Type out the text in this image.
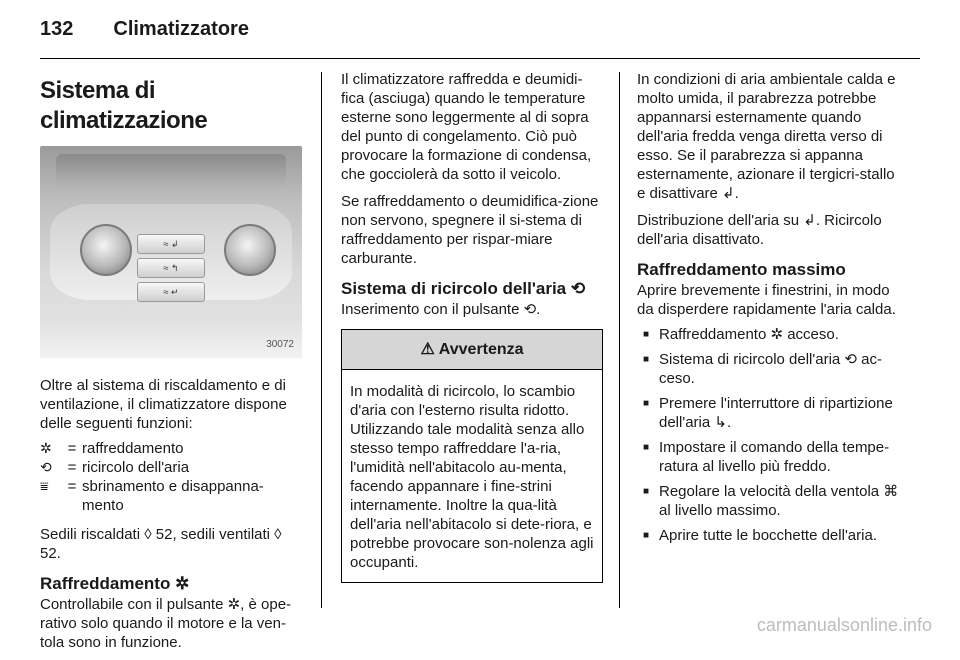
132 Climatizzatore
Sistema di climatizzazione
≈ ↲
≈ ↰
≈ ↵
30072

Oltre al sistema di riscaldamento e di ventilazione, il climatizzatore dispone delle seguenti funzioni:

✲	= raffreddamento
⟲	= ricircolo dell'aria
⩸	= sbrinamento e disappanna-mento

Sedili riscaldati ◊ 52, sedili ventilati ◊ 52.

Raffreddamento ✲

Controllabile con il pulsante ✲, è ope-rativo solo quando il motore e la ven-tola sono in funzione.

Il climatizzatore raffredda e deumidi-fica (asciuga) quando le temperature esterne sono leggermente al di sopra del punto di congelamento. Ciò può provocare la formazione di condensa, che gocciolerà da sotto il veicolo.

Se raffreddamento o deumidifica-zione non servono, spegnere il si-stema di raffreddamento per rispar-miare carburante.

Sistema di ricircolo dell'aria ⟲

Inserimento con il pulsante ⟲.

⚠ Avvertenza
In modalità di ricircolo, lo scambio d'aria con l'esterno risulta ridotto. Utilizzando tale modalità senza allo stesso tempo raffreddare l'a-ria, l'umidità nell'abitacolo au-menta, facendo appannare i fine-strini internamente. Inoltre la qua-lità dell'aria nell'abitacolo si dete-riora, e potrebbe provocare son-nolenza agli occupanti.

In condizioni di aria ambientale calda e molto umida, il parabrezza potrebbe appannarsi esternamente quando dell'aria fredda venga diretta verso di esso. Se il parabrezza si appanna esternamente, azionare il tergicri-stallo e disattivare ↲.

Distribuzione dell'aria su ↲. Ricircolo dell'aria disattivato.

Raffreddamento massimo

Aprire brevemente i finestrini, in modo da disperdere rapidamente l'aria calda.

■ Raffreddamento ✲ acceso.
■ Sistema di ricircolo dell'aria ⟲ ac-ceso.
■ Premere l'interruttore di ripartizione dell'aria ↳.
■ Impostare il comando della tempe-ratura al livello più freddo.
■ Regolare la velocità della ventola ⌘ al livello massimo.
■ Aprire tutte le bocchette dell'aria.
carmanualsonline.info
